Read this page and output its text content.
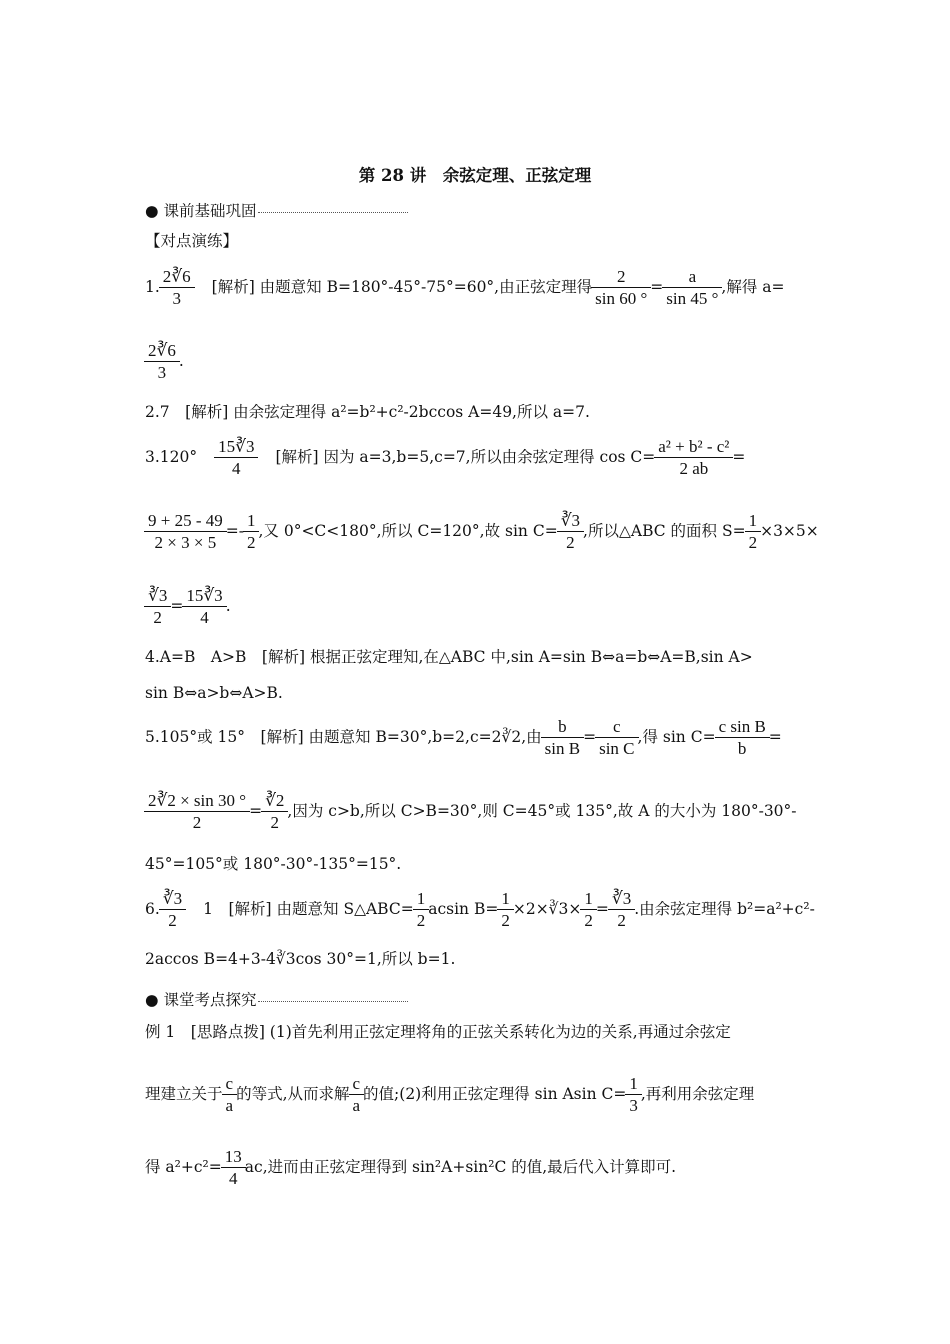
第 28 讲　余弦定理、正弦定理
● 课前基础巩固
【对点演练】
1. $\frac{2∛6}{3}$ [解析] 由题意知 B=180°-45°-75°=60°,由正弦定理得 $\frac{2}{\sin 60 ^\circ} = \frac{a}{\sin 45 ^\circ}$ ,解得 a=
$\frac{2∛6}{3}$ .
2.7　[解析] 由余弦定理得 a²=b²+c²-2bccos A=49,所以 a=7.
$3.120^\circ \frac{15∛3}{4}$ [解析] 因为 a=3,b=5,c=7,所以由余弦定理得 $\cos C= \frac{\text{a² + b² - c²}}{2 ab}$ =
$\frac{9 + 25 - 49}{2 \times 3 \times 5} =- \frac{1}{2}$ ,又 0°<C<180°,所以 C=120°,故 $\sin C= \frac{∛3}{2}$ ,所以△ABC 的面积 $S= \frac{1}{2} \times 3\times 5\times$
$\frac{∛3}{2} = \frac{15∛3}{4}$ .
4.A=B　A>B　[解析] 根据正弦定理知,在△ABC 中,sin A=sin B⇔a=b⇔A=B,sin A>
sin B⇔a>b⇔A>B.
5.105°或 15°　[解析] 由题意知 B=30°,b=2,c=2∛2,由 $\frac{b}{\text{sin B}} = \frac{c}{\text{sin C}}$ ,得 $\sin C= \frac{\text{c sin B}}{b}$ =
$\frac{2∛2 \times \sin 30 ^\circ}{2} = \frac{∛2}{2}$ ,因为 c>b,所以 C>B=30°,则 C=45°或 135°,故 A 的大小为 180°-30°-
45°=105°或 180°-30°-135°=15°.
6. $\frac{∛3}{2} 1$　[解析] 由题意知 S△ABC= $\frac{1}{2}$ acsin $B= \frac{1}{2}$ ×2×∛3× $\frac{1}{2} = \frac{∛3}{2}$ .由余弦定理得 b²=a²+c²-
2accos B=4+3-4∛3cos 30°=1,所以 b=1.
● 课堂考点探究
例 1　[思路点拨] (1)首先利用正弦定理将角的正弦关系转化为边的关系,再通过余弦定
理建立关于 $\frac{c}{a}$ 的等式,从而求解 $\frac{c}{a}$ 的值;(2)利用正弦定理得 sin Asin $C= \frac{1}{3}$ ,再利用余弦定理
得 $a^2+c^2= \frac{13}{4}$ ac,进而由正弦定理得到 sin²A+sin²C 的值,最后代入计算即可.
